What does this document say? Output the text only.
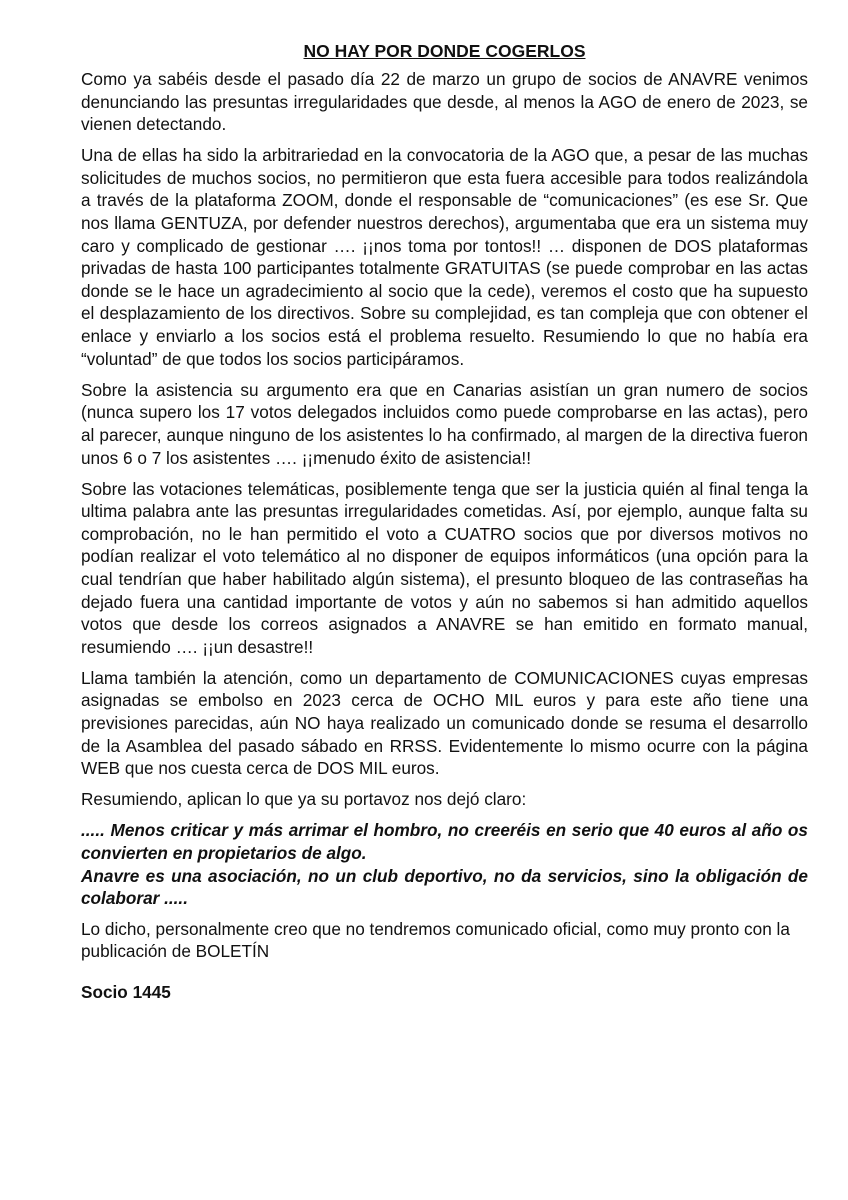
NO HAY POR DONDE COGERLOS

Como ya sabéis desde el pasado día 22 de marzo un grupo de socios de ANAVRE venimos denunciando las presuntas irregularidades que desde, al menos la AGO de enero de 2023, se vienen detectando.

Una de ellas ha sido la arbitrariedad en la convocatoria de la AGO que, a pesar de las muchas solicitudes de muchos socios, no permitieron que esta fuera accesible para todos realizándola a través de la plataforma ZOOM, donde el responsable de “comunicaciones” (es ese Sr. Que nos llama GENTUZA, por defender nuestros derechos), argumentaba que era un sistema muy caro y complicado de gestionar …. ¡¡nos toma por tontos!! … disponen de DOS plataformas privadas de hasta 100 participantes totalmente GRATUITAS (se puede comprobar en las actas donde se le hace un agradecimiento al socio que la cede), veremos el costo que ha supuesto el desplazamiento de los directivos. Sobre su complejidad, es tan compleja que con obtener el enlace y enviarlo a los socios está el problema resuelto. Resumiendo lo que no había era “voluntad” de que todos los socios participáramos.

Sobre la asistencia su argumento era que en Canarias asistían un gran numero de socios (nunca supero los 17 votos delegados incluidos como puede comprobarse en las actas), pero al parecer, aunque ninguno de los asistentes lo ha confirmado, al margen de la directiva fueron unos 6 o 7 los asistentes …. ¡¡menudo éxito de asistencia!!

Sobre las votaciones telemáticas, posiblemente tenga que ser la justicia quién al final tenga la ultima palabra ante las presuntas irregularidades cometidas. Así, por ejemplo, aunque falta su comprobación, no le han permitido el voto a CUATRO socios que por diversos motivos no podían realizar el voto telemático al no disponer de equipos informáticos (una opción para la cual tendrían que haber habilitado algún sistema), el presunto bloqueo de las contraseñas ha dejado fuera una cantidad importante de votos y aún no sabemos si han admitido aquellos votos que desde los correos asignados a ANAVRE se han emitido en formato manual, resumiendo …. ¡¡un desastre!!

Llama también la atención, como un departamento de COMUNICACIONES cuyas empresas asignadas se embolso en 2023 cerca de OCHO MIL euros y para este año tiene una previsiones parecidas, aún NO haya realizado un comunicado donde se resuma el desarrollo de la Asamblea del pasado sábado en RRSS. Evidentemente lo mismo ocurre con la página WEB que nos cuesta cerca de DOS MIL euros.

Resumiendo, aplican lo que ya su portavoz nos dejó claro:

..... Menos criticar y más arrimar el hombro, no creeréis en serio que 40 euros al año os convierten en propietarios de algo.

Anavre es una asociación, no un club deportivo, no da servicios, sino la obligación de colaborar .....

Lo dicho, personalmente creo que no tendremos comunicado oficial, como muy pronto con la publicación de BOLETÍN

Socio 1445
